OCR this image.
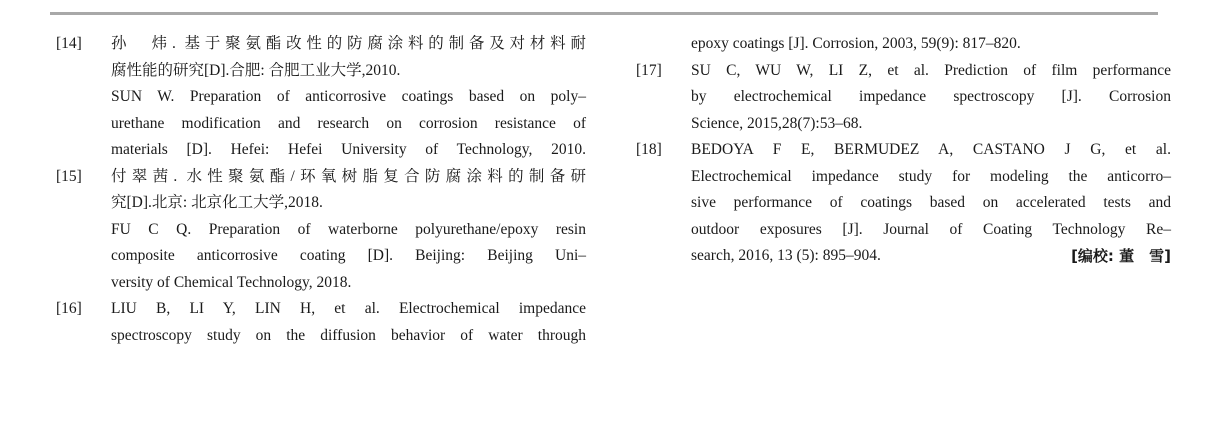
[14]	孙　炜. 基于聚氨酯改性的防腐涂料的制备及对材料耐
腐性能的研究[D].合肥: 合肥工业大学,2010.
SUN W. Preparation of anticorrosive coatings based on poly–
urethane modification and research on corrosion resistance of
materials [D]. Hefei: Hefei University of Technology, 2010.
[15]	付翠茜. 水性聚氨酯/环氧树脂复合防腐涂料的制备研
究[D].北京: 北京化工大学,2018.
FU C Q. Preparation of waterborne polyurethane/epoxy resin
composite anticorrosive coating [D]. Beijing: Beijing Uni–
versity of Chemical Technology, 2018.
[16]	LIU B, LI Y, LIN H, et al. Electrochemical impedance
spectroscopy study on the diffusion behavior of water through
epoxy coatings [J]. Corrosion, 2003, 59(9): 817–820.
[17]	SU C, WU W, LI Z, et al. Prediction of film performance
by electrochemical impedance spectroscopy [J]. Corrosion
Science, 2015,28(7):53–68.
[18]	BEDOYA F E, BERMUDEZ A, CASTANO J G, et al.
Electrochemical impedance study for modeling the anticorro–
sive performance of coatings based on accelerated tests and
outdoor exposures [J]. Journal of Coating Technology Re–
search, 2016, 13 (5): 895–904.	[编校: 董　雪]
